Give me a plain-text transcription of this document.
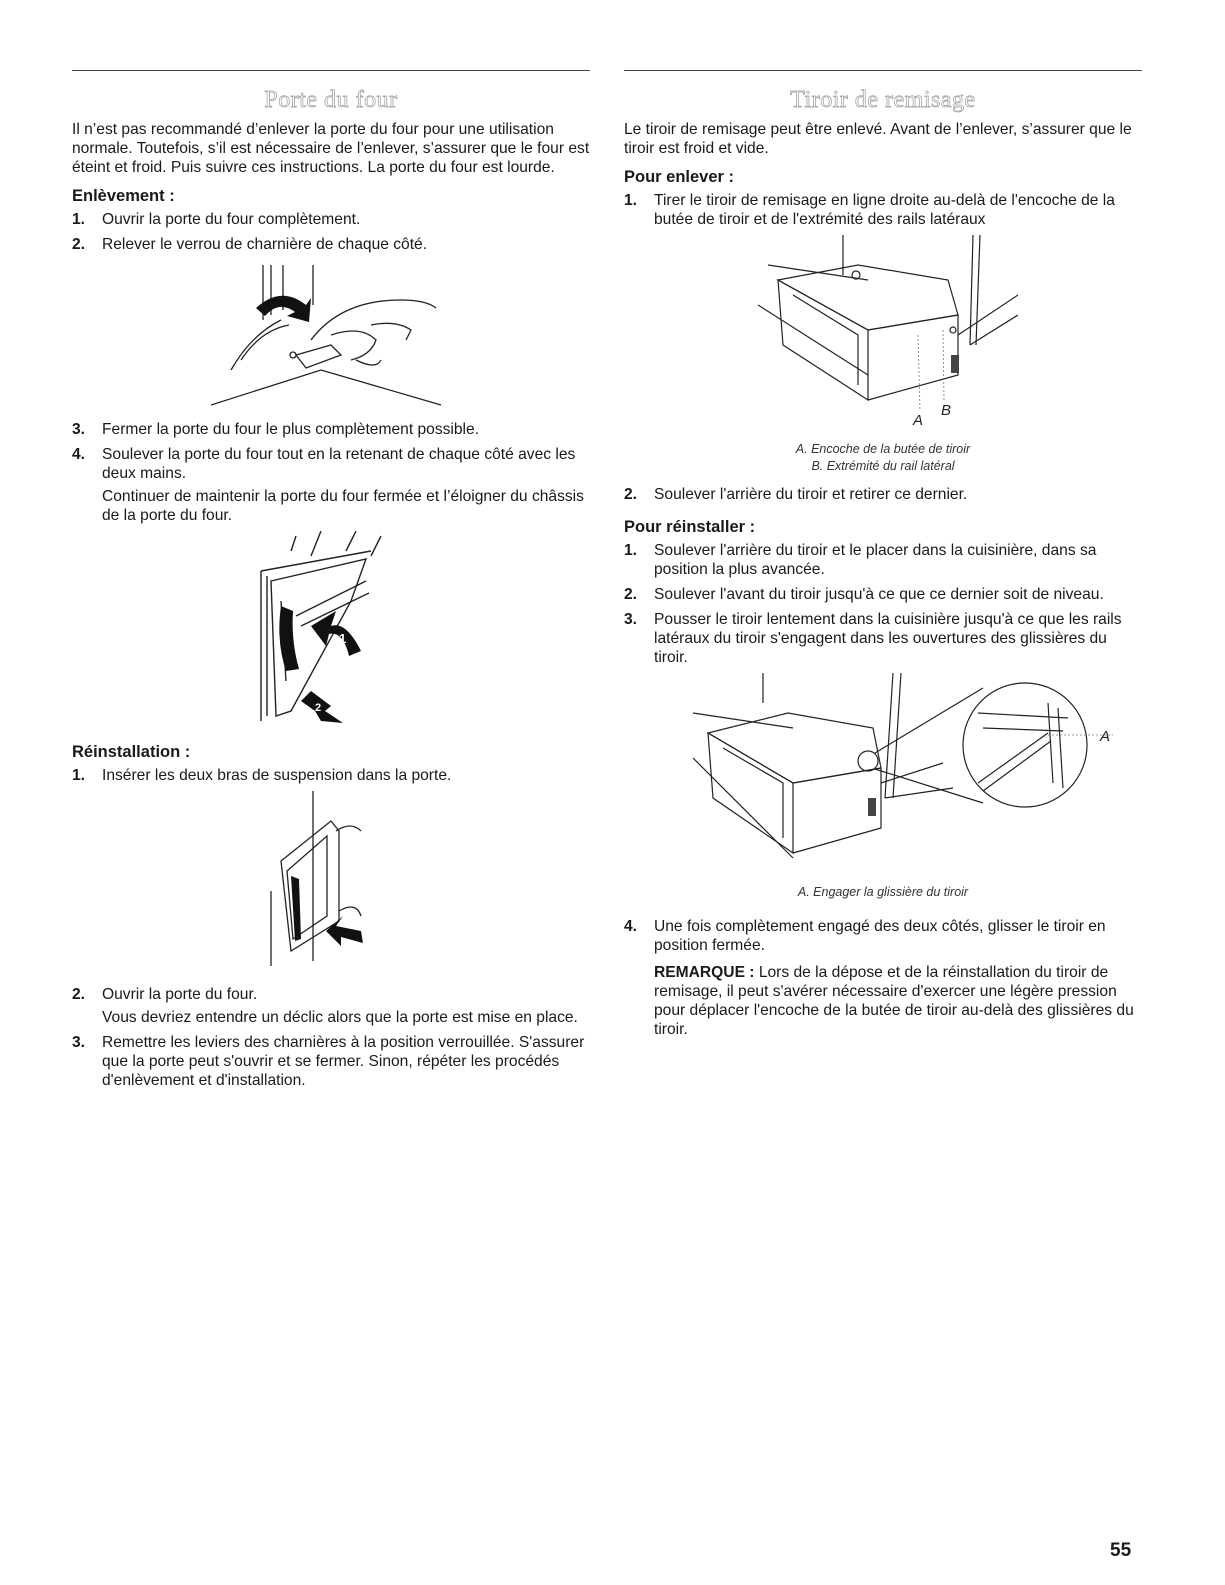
Porte du four

Il n’est pas recommandé d’enlever la porte du four pour une utilisation normale. Toutefois, s’il est nécessaire de l’enlever, s’assurer que le four est éteint et froid. Puis suivre ces instructions. La porte du four est lourde.

Enlèvement :
1.	Ouvrir la porte du four complètement.
2.	Relever le verrou de charnière de chaque côté.
3.	Fermer la porte du four le plus complètement possible.
4.	Soulever la porte du four tout en la retenant de chaque côté avec les deux mains.

Continuer de maintenir la porte du four fermée et l’éloigner du châssis de la porte du four.

1
2
Réinstallation :
1.	Insérer les deux bras de suspension dans la porte.
2.	Ouvrir la porte du four.

Vous devriez entendre un déclic alors que la porte est mise en place.

3.	Remettre les leviers des charnières à la position verrouillée. S'assurer que la porte peut s'ouvrir et se fermer. Sinon, répéter les procédés d'enlèvement et d'installation.
Tiroir de remisage

Le tiroir de remisage peut être enlevé. Avant de l’enlever, s’assurer que le tiroir est froid et vide.

Pour enlever :
1.	Tirer le tiroir de remisage en ligne droite au-delà de l'encoche de la butée de tiroir et de l'extrémité des rails latéraux
A
B
A. Encoche de la butée de tiroir
B. Extrémité du rail latéral
2.	Soulever l'arrière du tiroir et retirer ce dernier.
Pour réinstaller :
1.	Soulever l'arrière du tiroir et le placer dans la cuisinière, dans sa position la plus avancée.
2.	Soulever l'avant du tiroir jusqu'à ce que ce dernier soit de niveau.
3.	Pousser le tiroir lentement dans la cuisinière jusqu'à ce que les rails latéraux du tiroir s'engagent dans les ouvertures des glissières du tiroir.
A
A. Engager la glissière du tiroir
4.	Une fois complètement engagé des deux côtés, glisser le tiroir en position fermée.

REMARQUE : Lors de la dépose et de la réinstallation du tiroir de remisage, il peut s'avérer nécessaire d'exercer une légère pression pour déplacer l'encoche de la butée de tiroir au-delà des glissières du tiroir.

55
